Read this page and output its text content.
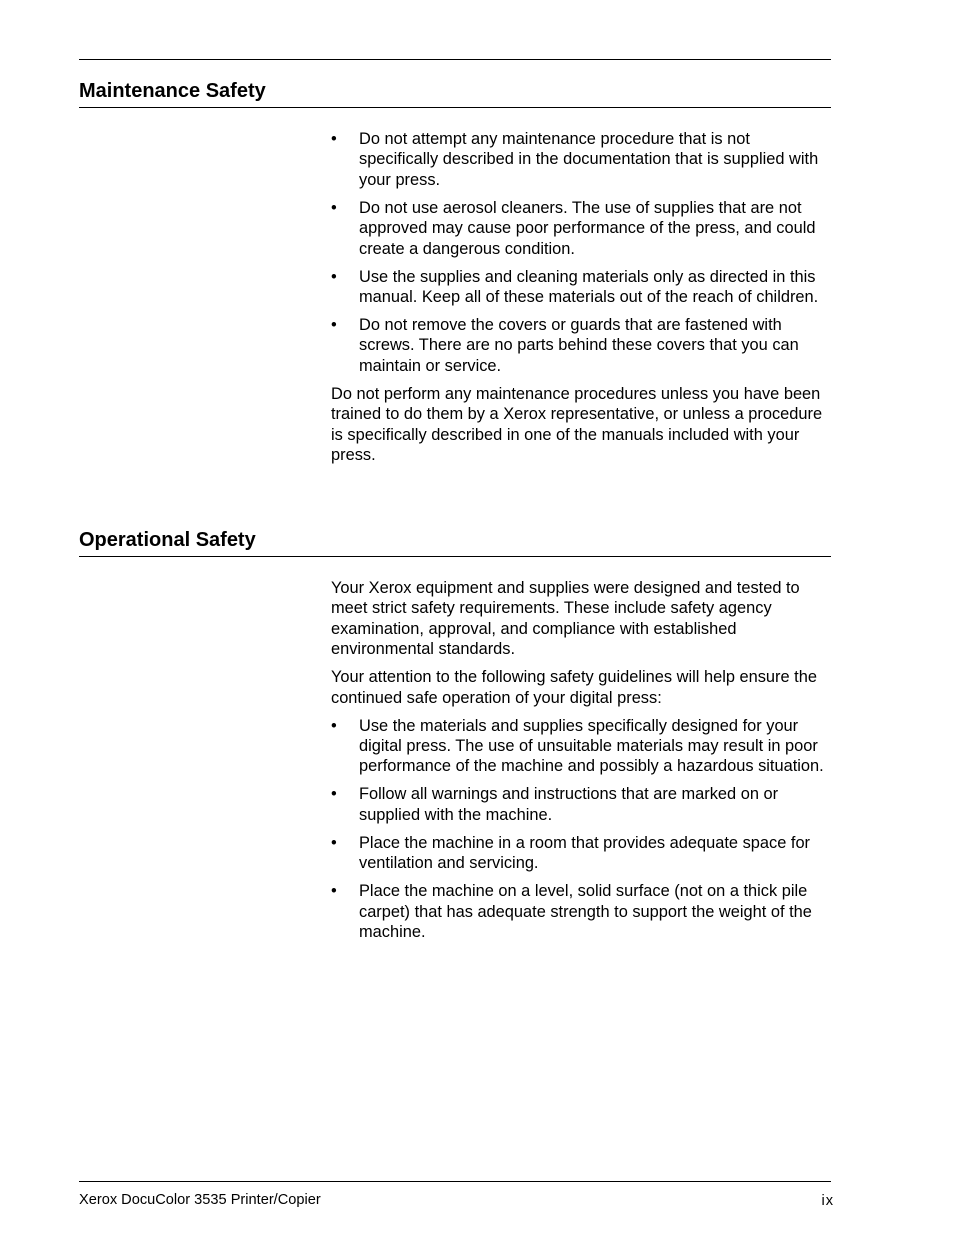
Maintenance Safety
• Do not attempt any maintenance procedure that is not specifically described in the documentation that is supplied with your press.
• Do not use aerosol cleaners. The use of supplies that are not approved may cause poor performance of the press, and could create a dangerous condition.
• Use the supplies and cleaning materials only as directed in this manual. Keep all of these materials out of the reach of children.
• Do not remove the covers or guards that are fastened with screws. There are no parts behind these covers that you can maintain or service.

Do not perform any maintenance procedures unless you have been trained to do them by a Xerox representative, or unless a procedure is specifically described in one of the manuals included with your press.

Operational Safety

Your Xerox equipment and supplies were designed and tested to meet strict safety requirements. These include safety agency examination, approval, and compliance with established environmental standards.

Your attention to the following safety guidelines will help ensure the continued safe operation of your digital press:

• Use the materials and supplies specifically designed for your digital press. The use of unsuitable materials may result in poor performance of the machine and possibly a hazardous situation.
• Follow all warnings and instructions that are marked on or supplied with the machine.
• Place the machine in a room that provides adequate space for ventilation and servicing.
• Place the machine on a level, solid surface (not on a thick pile carpet) that has adequate strength to support the weight of the machine.
Xerox DocuColor 3535 Printer/Copier	ix
